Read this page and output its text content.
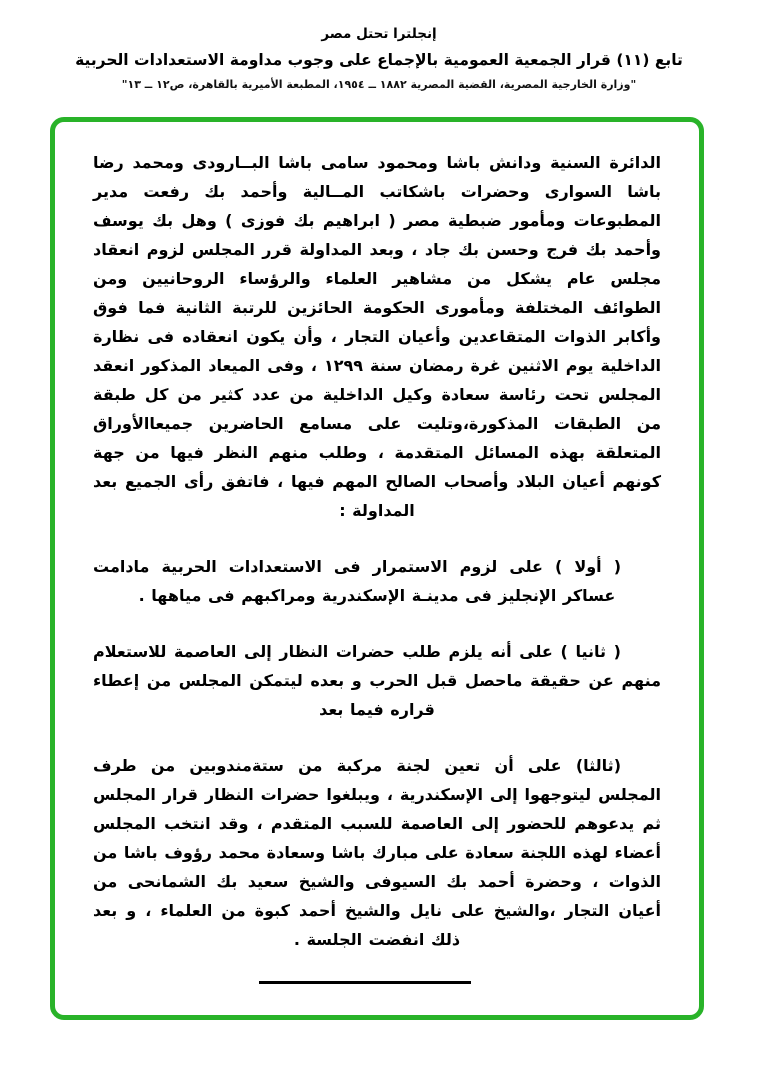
إنجلترا تحتل مصر
تابع (١١) قرار الجمعية العمومية بالإجماع على وجوب مداومة الاستعدادات الحربية
"وزارة الخارجية المصرية، القضية المصرية ١٨٨٢ ــ ١٩٥٤، المطبعة الأميرية بالقاهرة، ص١٢ ــ ١٣"

الدائرة السنية ودانش باشا ومحمود سامى باشا البــارودى ومحمد رضا باشا السوارى وحضرات باشكاتب المــالية وأحمد بك رفعت مدير المطبوعات ومأمور ضبطية مصر ( ابراهيم بك فوزى ) وهل بك يوسف وأحمد بك فرج وحسن بك جاد ، وبعد المداولة قرر المجلس لزوم انعقاد مجلس عام يشكل من مشاهير العلماء والرؤساء الروحانيين ومن الطوائف المختلفة ومأمورى الحكومة الحائزين للرتبة الثانية فما فوق وأكابر الذوات المتقاعدين وأعيان التجار ، وأن يكون انعقاده فى نظارة الداخلية يوم الاثنين غرة رمضان سنة ١٢٩٩ ، وفى الميعاد المذكور انعقد المجلس تحت رئاسة سعادة وكيل الداخلية من عدد كثير من كل طبقة من الطبقات المذكورة،وتليت على مسامع الحاضرين جميعاالأوراق المتعلقة بهذه المسائل المتقدمة ، وطلب منهم النظر فيها من جهة كونهم أعيان البلاد وأصحاب الصالح المهم فيها ، فاتفق رأى الجميع بعد المداولة :

( أولا ) على لزوم الاستمرار فى الاستعدادات الحربية مادامت عساكر الإنجليز فى مدينـة الإسكندرية ومراكبهم فى مياهها .

( ثانيا ) على أنه يلزم طلب حضرات النظار إلى العاصمة للاستعلام منهم عن حقيقة ماحصل قبل الحرب و بعده ليتمكن المجلس من إعطاء قراره فيما بعد

(ثالثا) على أن تعين لجنة مركبة من ستةمندوبين من طرف المجلس ليتوجهوا إلى الإسكندرية ، ويبلغوا حضرات النظار قرار المجلس ثم يدعوهم للحضور إلى العاصمة للسبب المتقدم ، وقد انتخب المجلس أعضاء لهذه اللجنة سعادة على مبارك باشا وسعادة محمد رؤوف باشا من الذوات ، وحضرة أحمد بك السيوفى والشيخ سعيد بك الشمانحى من أعيان التجار ،والشيخ على نايل والشيخ أحمد كبوة من العلماء ، و بعد ذلك انفضت الجلسة .
